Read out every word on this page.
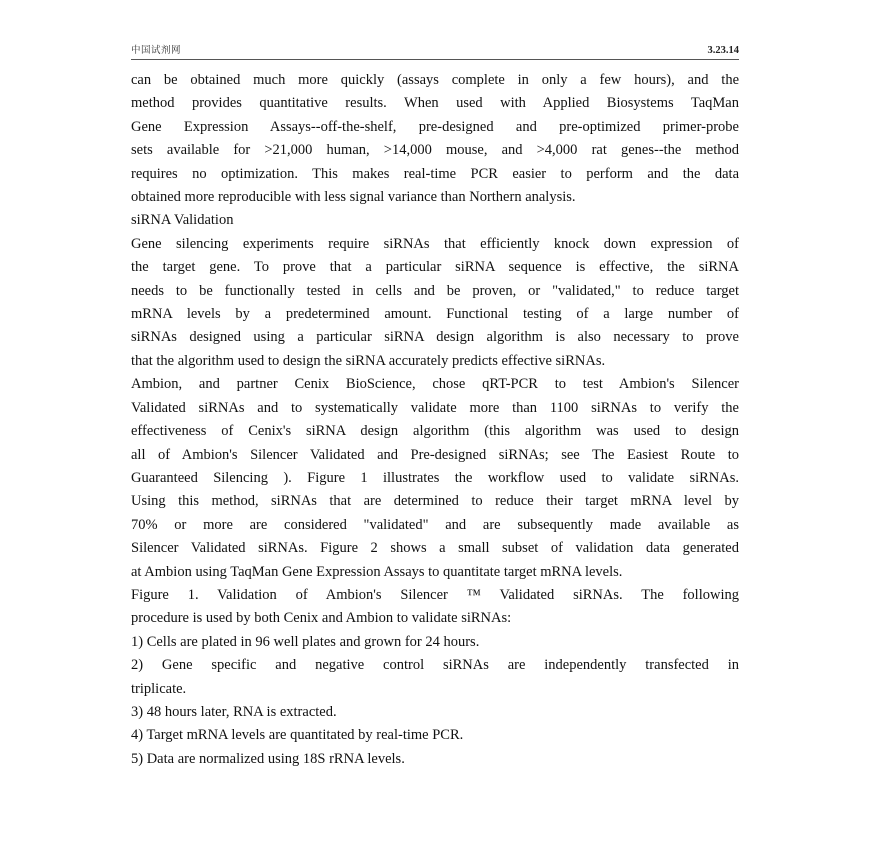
中国试剂网	3.23.14
can be obtained much more quickly (assays complete in only a few hours), and the
method provides quantitative results. When used with Applied Biosystems TaqMan
Gene Expression Assays--off-the-shelf, pre-designed and pre-optimized primer-probe
sets available for >21,000 human, >14,000 mouse, and >4,000 rat genes--the method
requires no optimization. This makes real-time PCR easier to perform and the data
obtained more reproducible with less signal variance than Northern analysis.
siRNA Validation
Gene silencing experiments require siRNAs that efficiently knock down expression of
the target gene. To prove that a particular siRNA sequence is effective, the siRNA
needs to be functionally tested in cells and be proven, or "validated," to reduce target
mRNA levels by a predetermined amount. Functional testing of a large number of
siRNAs designed using a particular siRNA design algorithm is also necessary to prove
that the algorithm used to design the siRNA accurately predicts effective siRNAs.
Ambion, and partner Cenix BioScience, chose qRT-PCR to test Ambion's Silencer
Validated siRNAs and to systematically validate more than 1100 siRNAs to verify the
effectiveness of Cenix's siRNA design algorithm (this algorithm was used to design
all of Ambion's Silencer Validated and Pre-designed siRNAs; see The Easiest Route to
Guaranteed Silencing ). Figure 1 illustrates the workflow used to validate siRNAs.
Using this method, siRNAs that are determined to reduce their target mRNA level by
70% or more are considered "validated" and are subsequently made available as
Silencer Validated siRNAs. Figure 2 shows a small subset of validation data generated
at Ambion using TaqMan Gene Expression Assays to quantitate target mRNA levels.
Figure 1. Validation of Ambion's Silencer ™ Validated siRNAs. The following
procedure is used by both Cenix and Ambion to validate siRNAs:
1) Cells are plated in 96 well plates and grown for 24 hours.
2) Gene specific and negative control siRNAs are independently transfected in
triplicate.
3) 48 hours later, RNA is extracted.
4) Target mRNA levels are quantitated by real-time PCR.
5) Data are normalized using 18S rRNA levels.
